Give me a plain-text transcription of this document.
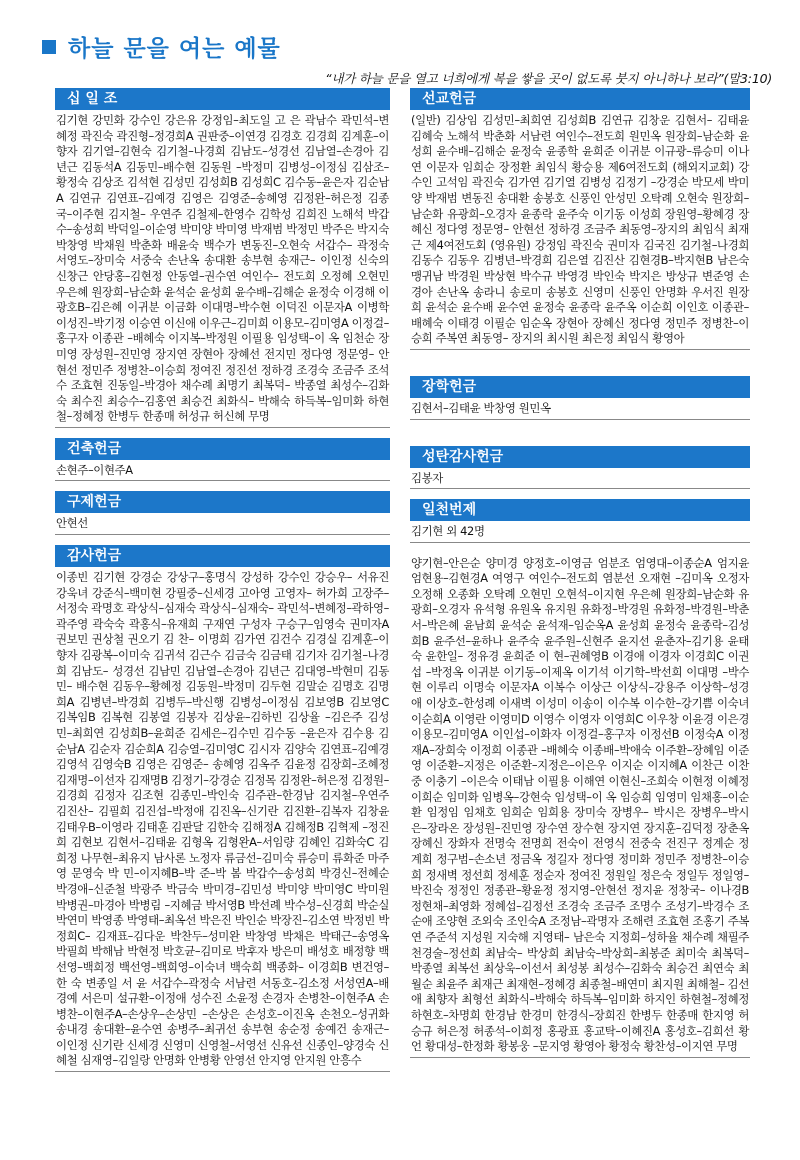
하늘 문을 여는 예물
“내가 하늘 문을 열고 너희에게 복을 쌓을 곳이 없도록 붓지 아니하나 보라”(말3:10)
십 일 조
김기현 강민화 강수인 강은유 강정임–최도일 고 은 곽남수 곽민석–변혜정 곽진숙 곽진형–정경희A 권판중–이연경 김경호 김경희 김계훈–이향자 김기열–김현숙 김기철–나경희 김남도–성경선 김남열–손경아 김년근 김동석A 김동민–배수현 김동원 –박정미 김병성–이정심 김삼조–황정숙 김상조 김석현 김성민 김성희B 김성희C 김수동–윤은자 김순남A 김연규 김연표–김예경 김영은 김영준–송혜영 김정완–허은정 김종국–이주현 김지철– 우연주 김철제–한영수 김학성 김희진 노해석 박갑수–송성희 박덕일–이순영 박미양 박미영 박재범 박정민 박주은 박지숙 박창영 박채원 박춘화 배윤숙 백수가 변동진–오현숙 서갑수– 곽정숙 서영도–장미숙 서중숙 손난옥 송대환 송부현 송재근– 이인정 신숙의 신창근 안당홍–김현정 안동열–권수연 여인수– 전도희 오정혜 오현민 우은혜 원장희–남순화 윤석순 윤성희 윤수배–김해순 윤정숙 이경해 이광호B–김은혜 이귀분 이금화 이대명–박수현 이덕진 이문자A 이병학 이성진–박기정 이승연 이신애 이우근–김미희 이용모–김미영A 이정걸–홍구자 이종관 –배혜숙 이지복–박정원 이필용 임성택–이 옥 임천순 장미영 장성원–진민영 장지연 장현아 장혜선 전지민 정다영 정문영– 안현선 정민주 정병찬–이승희 정여진 정진선 정하경 조경숙 조금주 조석수 조효현 진동일–박경아 채수례 최명기 최복덕– 박종열 최성수–김화숙 최수진 최승수–김홍연 최승건 최화식– 박해숙 하득복–임미화 하현철–정혜정 한병두 한종매 허성규 허신혜 무명
건축헌금
손현주–이현주A
구제헌금
안현선
감사헌금
이종빈 김기현 강경순 강상구–홍명식 강성하 강수인 강승우– 서유진 강욱녀 강준식–백미현 강필중–신세경 고아영 고영자– 허가희 고장주–서정숙 곽명호 곽상식–심재숙 곽상식–심재숙– 곽민석–변혜정–곽하영–곽주영 곽숙숙 곽홍식–유재희 구재연 구성자 구승구–임영숙 권미자A 권보민 권상철 권오기 김 찬– 이명희 김가연 김건수 김경실 김계훈–이향자 김광복–이미숙 김귀석 김근수 김금숙 김금태 김기자 김기철–나경희 김남도– 성경선 김남민 김남열–손경아 김년근 김대영–박현미 김동민– 배수현 김동우–황혜정 김동원–박정미 김두현 김말순 김명호 김명희A 김병년–박경희 김병두–박신행 김병성–이정심 김보영B 김보영C 김복임B 김복현 김봉열 김봉자 김상윤–김하빈 김상율 –김은주 김성민–최희연 김성희B–윤희준 김세은–김수민 김수동 –윤은자 김수용 김순남A 김순자 김순희A 김승열–김미영C 김시자 김양숙 김연표–김예경 김영석 김영숙B 김영은 김영준– 송혜영 김옥주 김윤정 김장희–조혜정 김재명–이선자 김재명B 김정기–강경순 김정목 김정완–허은정 김정원–김경희 김정자 김조현 김종민–박인숙 김주관–한경남 김지철–우연주 김진산– 김필희 김진섭–박정애 김진옥–신기란 김진환–김복자 김창윤 김태우B–이영라 김태훈 김판달 김한숙 김해정A 김해정B 김혁제 –정진희 김현보 김현서–김태윤 김형옥 김형완A–서임량 김혜인 김화숙C 김희정 나무현–최유지 남사론 노정자 류금선–김미숙 류승미 류화준 마주영 문영숙 박 민–이지혜B–박 준–박 봄 박갑수–송성희 박경신–전혜순 박경애–신준철 박광주 박금숙 박미경–김민성 박미양 박미영C 박미원 박병권–마경아 박병림 –지혜금 박서영B 박선례 박수성–신경희 박순실 박연미 박영종 박영태–최옥선 박은진 박인순 박장진–김소연 박정빈 박정희C– 김재표–김다운 박찬두–성미완 박창영 박채은 박태근–송영옥 박필희 박해남 박현정 박호균–김미로 박후자 방은미 배성호 배정향 백선영–백희정 백선영–백희영–이숙녀 백숙희 백종화– 이경희B 변건영–한 숙 변종일 서 윤 서갑수–곽정숙 서남련 서동호–김소정 서성연A–배경예 서은미 설규환–이정애 성수진 소윤정 손경자 손병찬–이현주A 손병찬–이현주A–손상우–손상민 –손상은 손성호–이진옥 손천오–성귀화 송내경 송대환–윤수연 송병주–최귀선 송부현 송순정 송예건 송재근–이인정 신기란 신세경 신영미 신영철–서영선 신유선 신종인–양경숙 신혜철 심재영–김일랑 안명화 안병황 안영선 안지영 안지원 안흥수
선교헌금
(일반) 김상임 김성민–최희연 김성희B 김연규 김창운 김현서– 김태윤 김혜숙 노해석 박춘화 서남련 여인수–전도희 원민옥 원장희–남순화 윤성희 윤수배–김해순 윤정숙 윤종학 윤희준 이귀분 이규광–류승미 이나연 이문자 임희순 장정환 최임식 황승용 제6여전도회 (해외지교회) 강수인 고석임 곽진숙 김가연 김기열 김병성 김정기 –강경순 박모세 박미양 박재범 변동진 송대환 송봉호 신풍인 안성민 오탁례 오현숙 원장희–남순화 유광희–오경자 윤종락 윤주숙 이기동 이성희 장원영–황혜경 장혜신 정다영 정문영– 안현선 정하경 조금주 최동영–장지의 최임식 최재근 제4여전도회 (영유원) 강정임 곽진숙 권미자 김국진 김기철–나경희 김동수 김동우 김병년–박경희 김은열 김진산 김현경B–박지현B 남은숙 맹귀남 박경원 박상현 박수규 박영경 박인숙 박지은 방상규 변준영 손경아 손난옥 송라니 송로미 송봉호 신영미 신풍인 안명화 우서진 원장희 윤석순 윤수배 윤수연 윤정숙 윤종락 윤주옥 이순희 이인호 이종관–배혜숙 이태경 이필순 임순옥 장현아 장혜신 정다영 정민주 정병찬–이승희 주복연 최동영– 장지의 최시원 최은정 최임식 황영아
장학헌금
김현서–김태윤 박창영 원민옥
성탄감사헌금
김봉자
일천번제
김기현 외 42명
양기현–안은순 양미경 양정호–이영금 엄분조 엄영대–이종순A 엄지윤 엄현용–김현경A 여영구 여인수–전도희 염분선 오재현 –김미옥 오정자 오정해 오종화 오탁례 오현민 오현석–이지현 우은혜 원장희–남순화 유광희–오경자 유석형 유원옥 유지원 유화정–박경원 유화정–박경원–박춘서–박은혜 윤남희 윤석순 윤석재–임순옥A 윤성희 윤정숙 윤종락–김성희B 윤주선–윤하나 윤주숙 윤주원–신현주 윤지선 윤춘자–김기용 윤태숙 윤한일– 정유경 윤희준 이 현–권혜영B 이경애 이경자 이경희C 이권섭 –박정옥 이귀분 이기동–이제옥 이기석 이기학–박선희 이대명 –박수현 이루리 이명숙 이문자A 이복수 이상근 이상식–강용주 이상학–성경애 이상호–한성례 이새벽 이성미 이송이 이수복 이수한–강기쁨 이숙녀 이순희A 이영란 이영미D 이영수 이영자 이영희C 이우창 이윤경 이은경 이용모–김미영A 이인섭–이화자 이정걸–홍구자 이정선B 이정숙A 이정재A–장희숙 이정희 이종관 –배혜숙 이종배–박애숙 이주환–장혜임 이준영 이준환–지정은 이준환–지정은–이은우 이지순 이지혜A 이찬근 이찬중 이충기 –이은숙 이태남 이필용 이해연 이현신–조희숙 이현정 이혜정 이희순 임미화 임병옥–강현숙 임성택–이 옥 임승희 임영미 임채홍–이순환 임정임 임채호 임희순 임희용 장미숙 장병우– 박시은 장병우–박시은–장라온 장성원–진민영 장수연 장수현 장지연 장지훈–김덕정 장춘옥 장혜신 장화자 전명숙 전명희 전숙이 전영식 전중숙 전진구 정계순 정계희 정구범–손소년 정금옥 정길자 정다영 정미화 정민주 정병찬–이승희 정새벽 정선희 정세훈 정순자 정여진 정원일 정은숙 정일두 정일영– 박진숙 정정인 정종관–황윤정 정지영–안현선 정지윤 정창국– 이나경B 정현채–최영화 정혜섭–김정선 조경숙 조금주 조명수 조성기–박경수 조순애 조양현 조외숙 조인숙A 조정남–곽명자 조해련 조효현 조홍기 주복연 주준석 지성원 지숙해 지영태– 남은숙 지정희–성하율 채수례 채필주 천경술–정선희 최남숙– 박상희 최남숙–박상희–최봉준 최미숙 최복덕–박종열 최복선 최상욱–이선서 최성봉 최성수–김화숙 최승건 최연숙 최월순 최윤주 최재근 최재현–정혜경 최종철–배연미 최지원 최해철– 김선애 최향자 최형선 최화식–박해숙 하득복–임미화 하지인 하현철–정혜정 하현호–차명희 한경남 한경미 한경식–장희진 한병두 한종매 한지영 허승규 허은정 허종석–이희정 홍광표 홍교탁–이혜진A 홍성호–김희선 황 언 황대성–한정화 황봉웅 –문지영 황영아 황정숙 황찬성–이지연 무명
